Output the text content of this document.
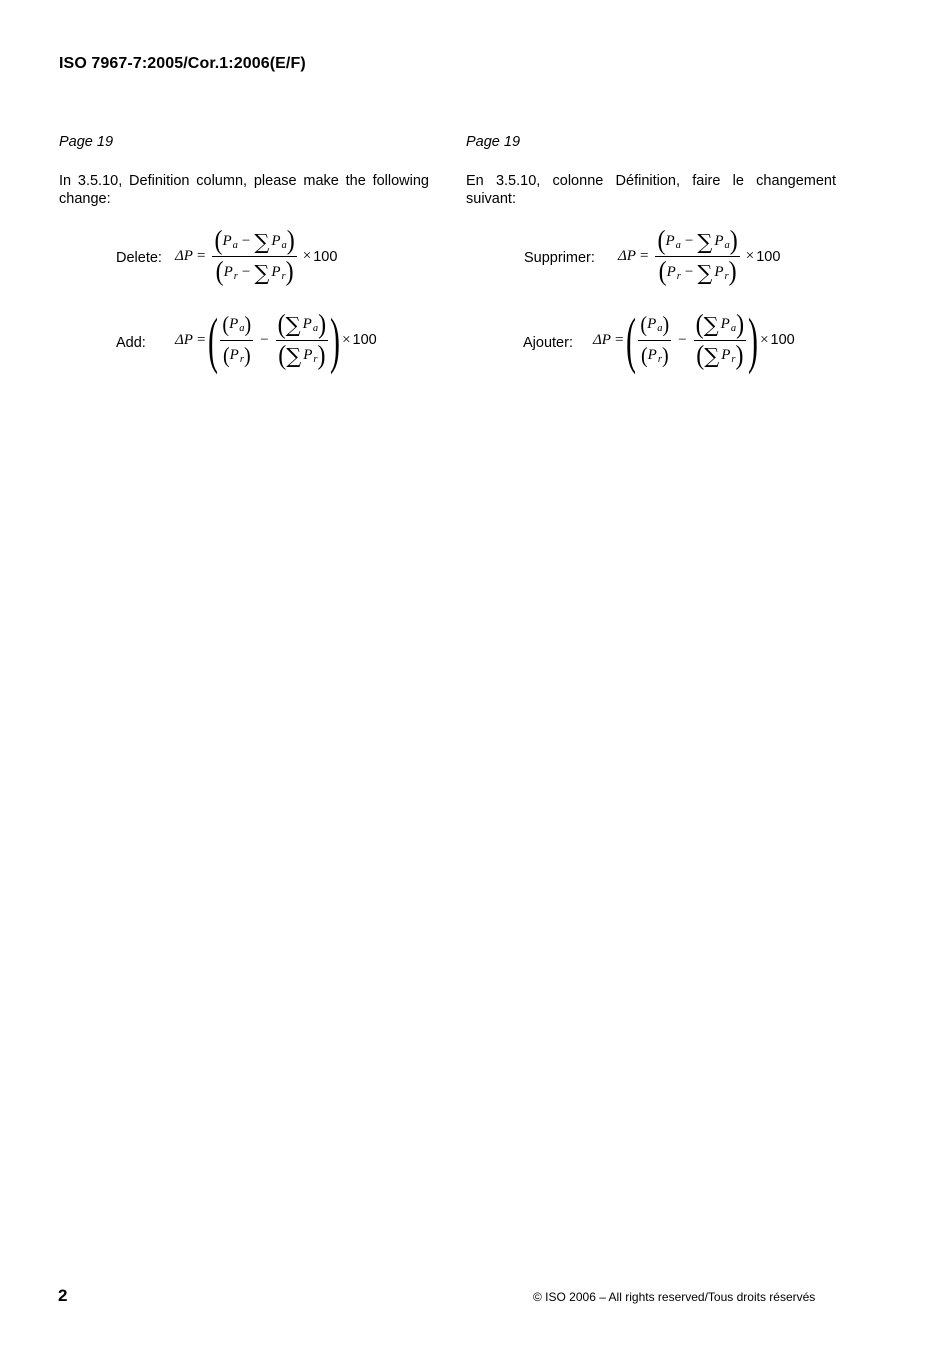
ISO 7967-7:2005/Cor.1:2006(E/F)
Page 19
In 3.5.10, Definition column, please make the following change:
Delete: $\Delta P = \frac{\text{( P a − ∑ P a )}}{\text{( P r − ∑ P r )}} \times 100$
Add: ΔP = ( $\frac{\text{( P a )}}{\text{( P r )}} - \frac{\text{( ∑ P a )}}{\text{( ∑ P r )}}$ ) × 100
Page 19
En 3.5.10, colonne Définition, faire le changement suivant:
Supprimer: $\Delta P = \frac{\text{( P a − ∑ P a )}}{\text{( P r − ∑ P r )}} \times 100$
Ajouter: ΔP = ( $\frac{\text{( P a )}}{\text{( P r )}} - \frac{\text{( ∑ P a )}}{\text{( ∑ P r )}}$ ) × 100
2	© ISO 2006 – All rights reserved/Tous droits réservés
